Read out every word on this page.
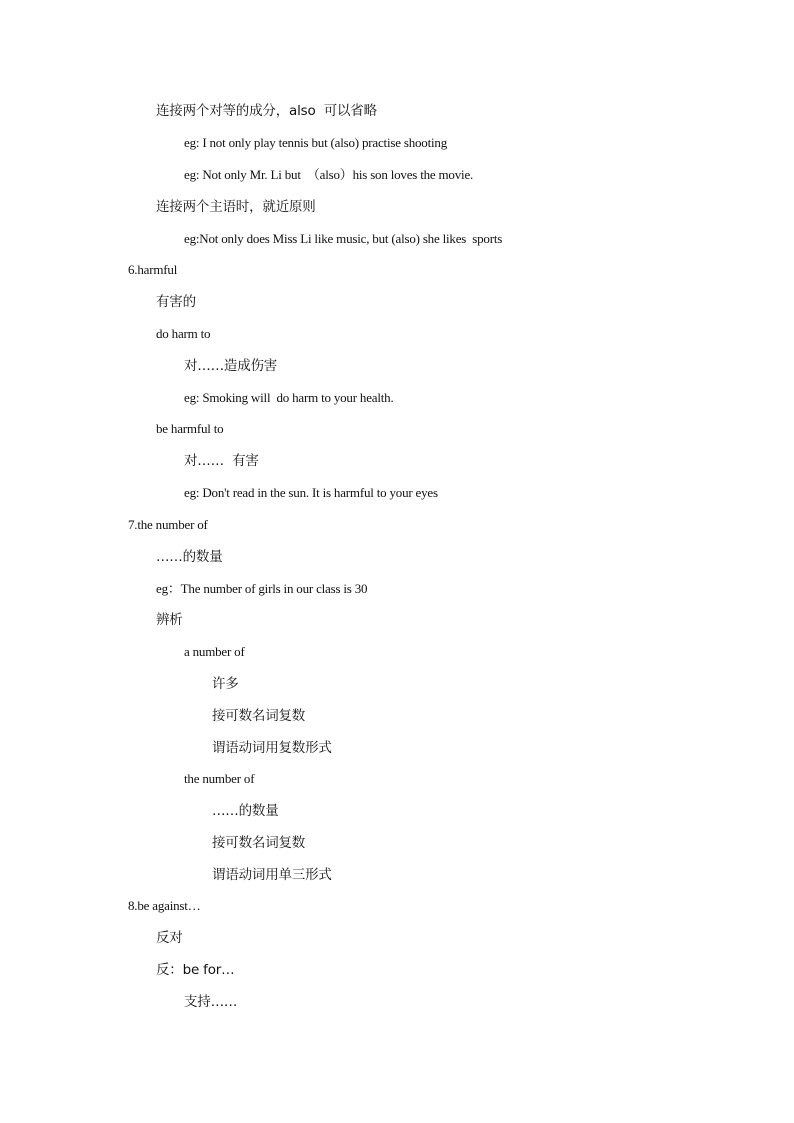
连接两个对等的成分，also  可以省略
eg: I not only play tennis but (also) practise shooting
eg: Not only Mr. Li but  （also）his son loves the movie.
连接两个主语时，就近原则
eg:Not only does Miss Li like music, but (also) she likes  sports
6.harmful
有害的
do harm to
对……造成伤害
eg: Smoking will  do harm to your health.
be harmful to
对……  有害
eg: Don't read in the sun. It is harmful to your eyes
7.the number of
……的数量
eg：The number of girls in our class is 30
辨析
a number of
许多
接可数名词复数
谓语动词用复数形式
the number of
……的数量
接可数名词复数
谓语动词用单三形式
8.be against…
反对
反：be for…
支持……
